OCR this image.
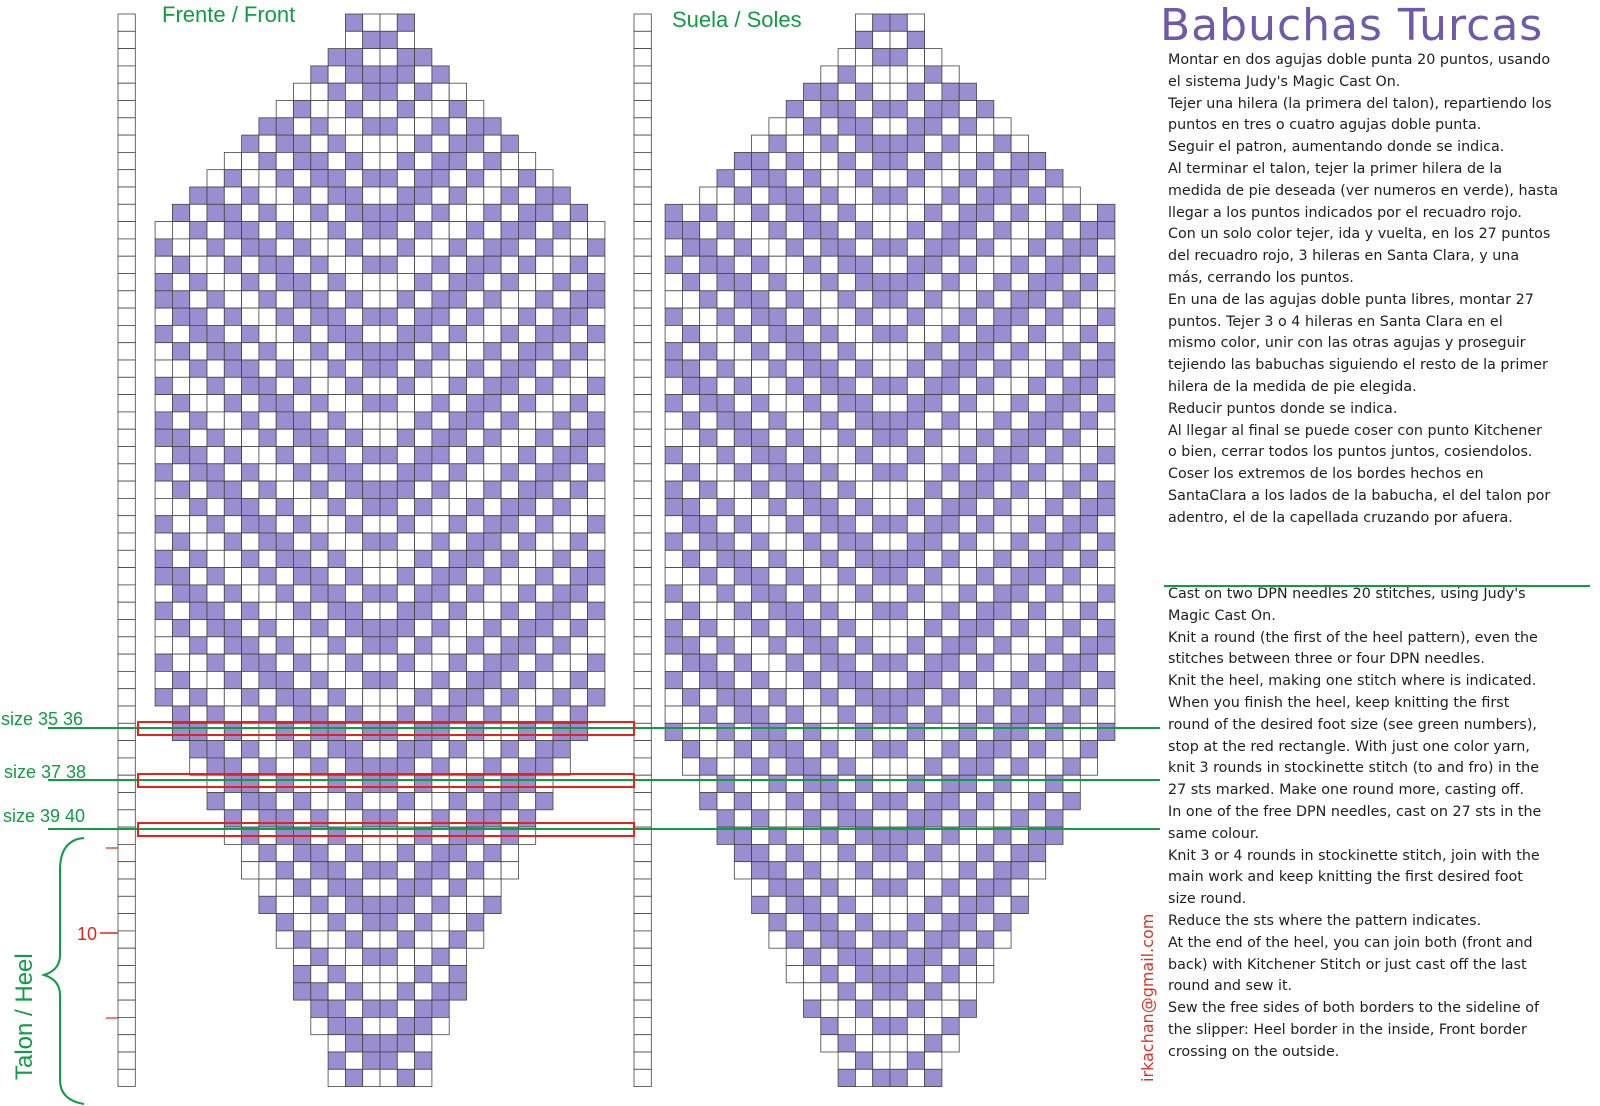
Frente / Front	Suela / Soles
size 35 36
size 37 38
size 39 40
Talon / Heel
10
Babuchas Turcas
Montar en dos agujas doble punta 20 puntos, usando
el sistema Judy's Magic Cast On.
Tejer una hilera (la primera del talon), repartiendo los
puntos en tres o cuatro agujas doble punta.
Seguir el patron, aumentando donde se indica.
Al terminar el talon, tejer la primer hilera de la
medida de pie deseada (ver numeros en verde), hasta
llegar a los puntos indicados por el recuadro rojo.
Con un solo color tejer, ida y vuelta, en los 27 puntos
del recuadro rojo, 3 hileras en Santa Clara, y una
más, cerrando los puntos.
En una de las agujas doble punta libres, montar 27
puntos. Tejer 3 o 4 hileras en Santa Clara en el
mismo color, unir con las otras agujas y proseguir
tejiendo las babuchas siguiendo el resto de la primer
hilera de la medida de pie elegida.
Reducir puntos donde se indica.
Al llegar al final se puede coser con punto Kitchener
o bien, cerrar todos los puntos juntos, cosiendolos.
Coser los extremos de los bordes hechos en
SantaClara a los lados de la babucha, el del talon por
adentro, el de la capellada cruzando por afuera.
Cast on two DPN needles 20 stitches, using Judy's
Magic Cast On.
Knit a round (the first of the heel pattern), even the
stitches between three or four DPN needles.
Knit the heel, making one stitch where is indicated.
When you finish the heel, keep knitting the first
round of the desired foot size (see green numbers),
stop at the red rectangle. With just one color yarn,
knit 3 rounds in stockinette stitch (to and fro) in the
27 sts marked. Make one round more, casting off.
In one of the free DPN needles, cast on 27 sts in the
same colour.
Knit 3 or 4 rounds in stockinette stitch, join with the
main work and keep knitting the first desired foot
size round.
Reduce the sts where the pattern indicates.
At the end of the heel, you can join both (front and
back) with Kitchener Stitch or just cast off the last
round and sew it.
Sew the free sides of both borders to the sideline of
the slipper: Heel border in the inside, Front border
crossing on the outside.
irkachan@gmail.com
